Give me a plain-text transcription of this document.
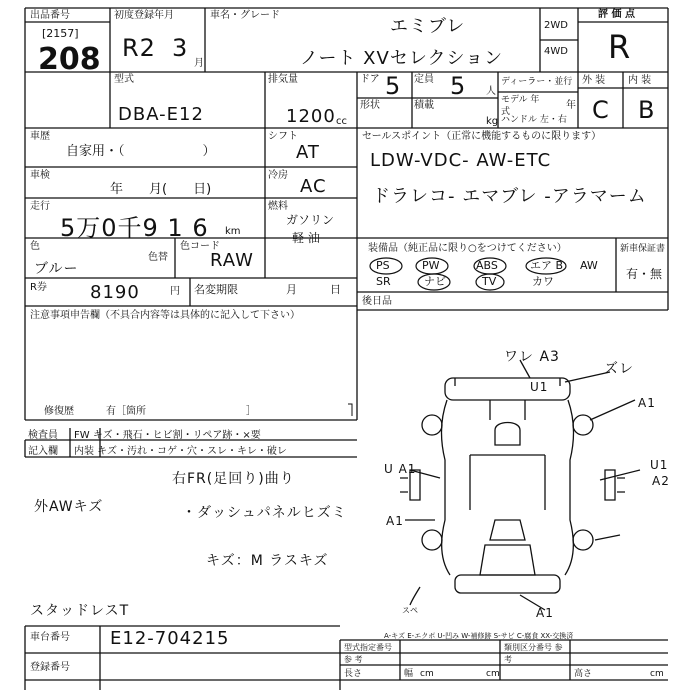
出品番号
[2157]
208
初度登録年月
R2 3
月
車名・グレード
エミブレ
ノート XVセレクション
2WD
4WD
評 価 点
R
型式
DBA-E12
排気量
1200 cc
ドア 5 定員 5 人
形状	積載
kg
ディーラー・並行
モデル 年式
年
ハンドル 左・右
外 装 内 装
C B
車歴
自家用・（　　　　　　）
シフト
AT
車検
年　　月(　　日)
冷房
AC
走行
5万0千9 1 6 km
燃料
ガソリン
軽 油
色
ブルー
色替
色コード
RAW
R券 8190	円 名変期限	月　　　日
セールスポイント（正常に機能するものに限ります）
LDW-VDC- AW-ETC
ドラレコ- エマブレ -アラマーム
装備品（純正品に限り○をつけてください）
PS	PW	ABS	エア B AW
SR	ナビ	TV	カワ
新車保証書
有・無
後日品
注意事項申告欄（不具合内容等は具体的に記入して下さい）
修復歴	有［箇所　　　　　　　　　　］
検査員 FW キズ・飛石・ヒビ割・リペア跡・×要
記入欄 内装 キズ・汚れ・コゲ・穴・スレ・キレ・破レ
右FR(足回り)曲り
外AWキズ	・ダッシュパネルヒズミ
キズ：M ラスキズ
スタッドレスT
ワレ A3
U1
ズレ
A1
U1
A2
U A1
A1
A1
スペ
A-キズ E-エクボ U-凹み W-補修跡 S-サビ C-腐食 XX-交換済
車台番号 E12-704215
登録番号
型式指定番号 参 考
類別区分番号 参 考
長さ	cm
幅	cm	高さ	cm
